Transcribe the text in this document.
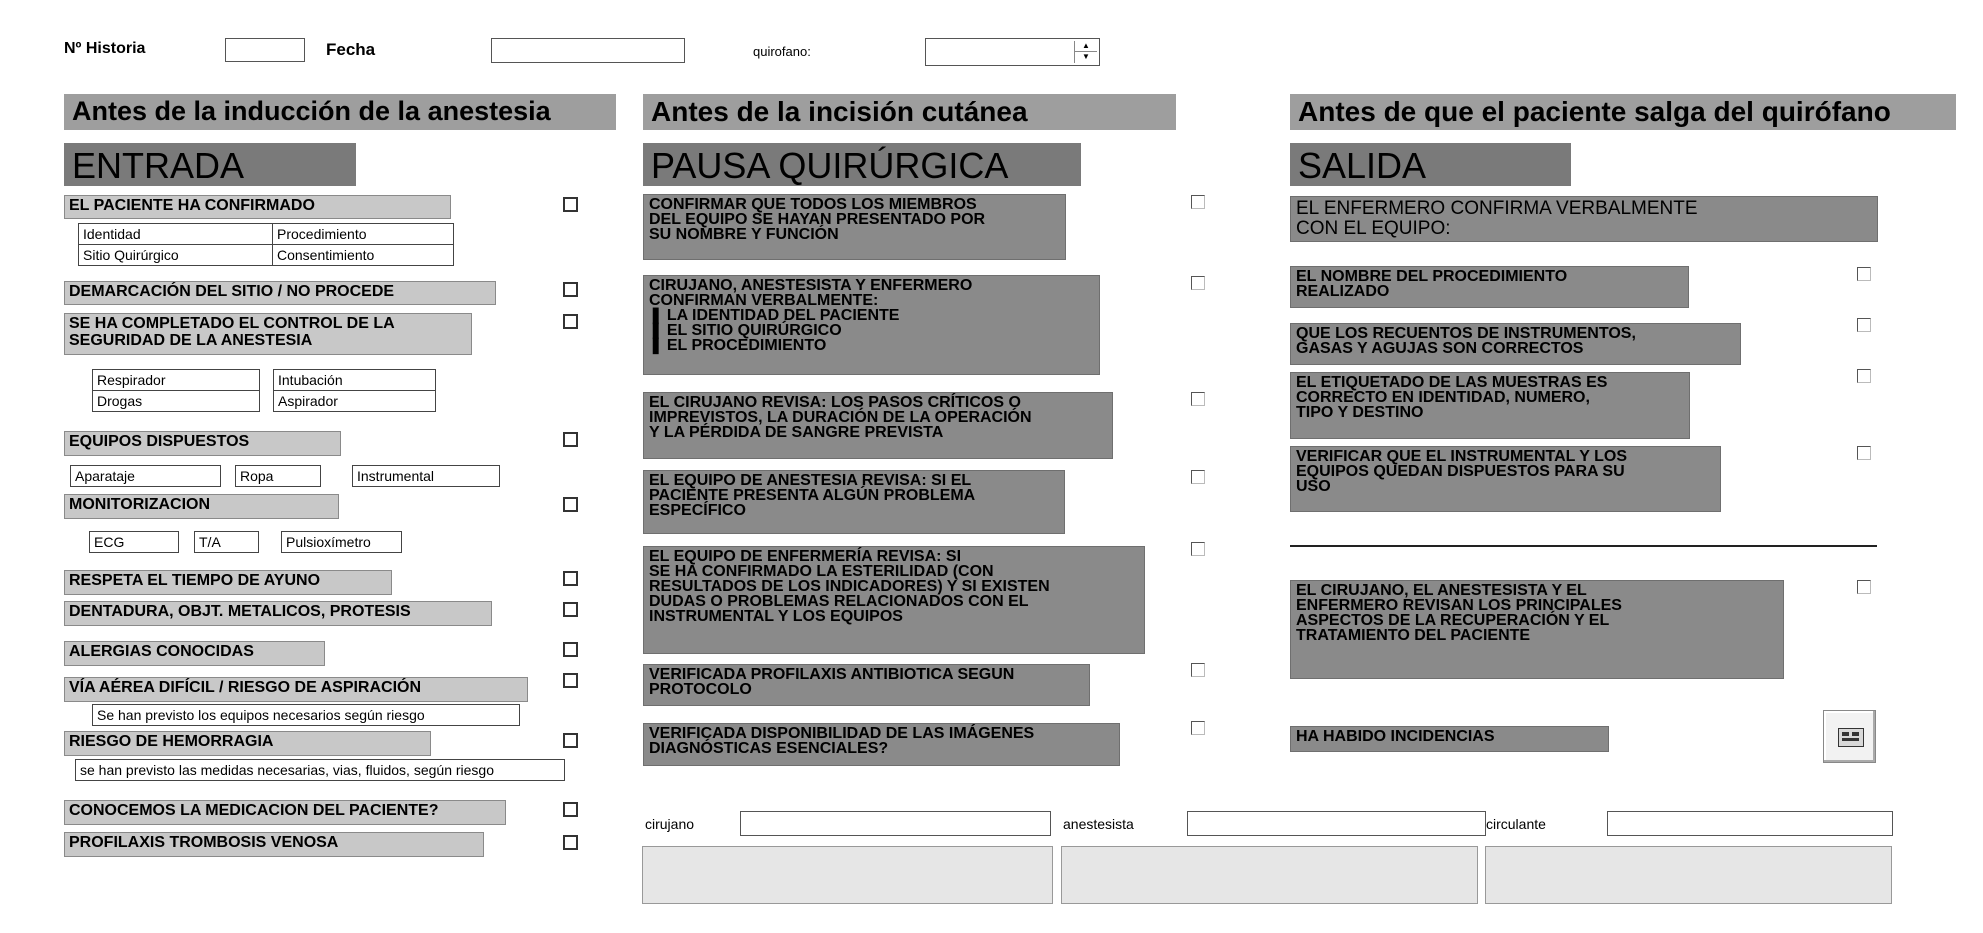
Nº Historia	Fecha	quirofano:	▲
▼
Antes de la inducción de la anestesia	Antes de la incisión cutánea	Antes de que el paciente salga del quirófano
ENTRADA	PAUSA QUIRÚRGICA	SALIDA
EL PACIENTE HA CONFIRMADO
Identidad	Procedimiento
Sitio Quirúrgico	Consentimiento
DEMARCACIÓN DEL SITIO / NO PROCEDE
SE HA COMPLETADO EL CONTROL DE LA SEGURIDAD DE LA ANESTESIA
Respirador	Intubación
Drogas	Aspirador
EQUIPOS DISPUESTOS
Aparataje	Ropa	Instrumental
MONITORIZACION
ECG	T/A	Pulsioxímetro
RESPETA EL TIEMPO DE AYUNO
DENTADURA, OBJT. METALICOS, PROTESIS
ALERGIAS CONOCIDAS
VÍA AÉREA DIFÍCIL / RIESGO DE ASPIRACIÓN
Se han previsto los equipos necesarios según riesgo
RIESGO DE HEMORRAGIA
se han previsto las medidas necesarias, vias, fluidos, según riesgo
CONOCEMOS LA MEDICACION DEL PACIENTE?
PROFILAXIS TROMBOSIS VENOSA
CONFIRMAR QUE TODOS LOS MIEMBROS
DEL EQUIPO SE HAYAN PRESENTADO POR
SU NOMBRE Y FUNCIÓN
CIRUJANO, ANESTESISTA Y ENFERMERO
CONFIRMAN VERBALMENTE:
❚ LA IDENTIDAD DEL PACIENTE
❚ EL SITIO QUIRÚRGICO
❚ EL PROCEDIMIENTO
EL CIRUJANO REVISA: LOS PASOS CRÍTICOS O
IMPREVISTOS, LA DURACIÓN DE LA OPERACIÓN
Y LA PÉRDIDA DE SANGRE PREVISTA
EL EQUIPO DE ANESTESIA REVISA: SI EL
PACIENTE PRESENTA ALGÚN PROBLEMA
ESPECÍFICO
EL EQUIPO DE ENFERMERÍA REVISA: SI
SE HA CONFIRMADO LA ESTERILIDAD (CON
RESULTADOS DE LOS INDICADORES) Y SI EXISTEN
DUDAS O PROBLEMAS RELACIONADOS CON EL
INSTRUMENTAL Y LOS EQUIPOS
VERIFICADA PROFILAXIS ANTIBIOTICA SEGUN
PROTOCOLO
VERIFICADA DISPONIBILIDAD DE LAS IMÁGENES
DIAGNÓSTICAS ESENCIALES?
EL ENFERMERO CONFIRMA VERBALMENTE
CON EL EQUIPO:
EL NOMBRE DEL PROCEDIMIENTO
REALIZADO
QUE LOS RECUENTOS DE INSTRUMENTOS,
GASAS Y AGUJAS SON CORRECTOS
EL ETIQUETADO DE LAS MUESTRAS ES
CORRECTO EN IDENTIDAD, NUMERO,
TIPO Y DESTINO
VERIFICAR QUE EL INSTRUMENTAL Y LOS
EQUIPOS QUEDAN DISPUESTOS PARA SU
USO
EL CIRUJANO, EL ANESTESISTA Y EL
ENFERMERO REVISAN LOS PRINCIPALES
ASPECTOS DE LA RECUPERACIÓN Y EL
TRATAMIENTO DEL PACIENTE
HA HABIDO INCIDENCIAS
cirujano	anestesista	circulante
